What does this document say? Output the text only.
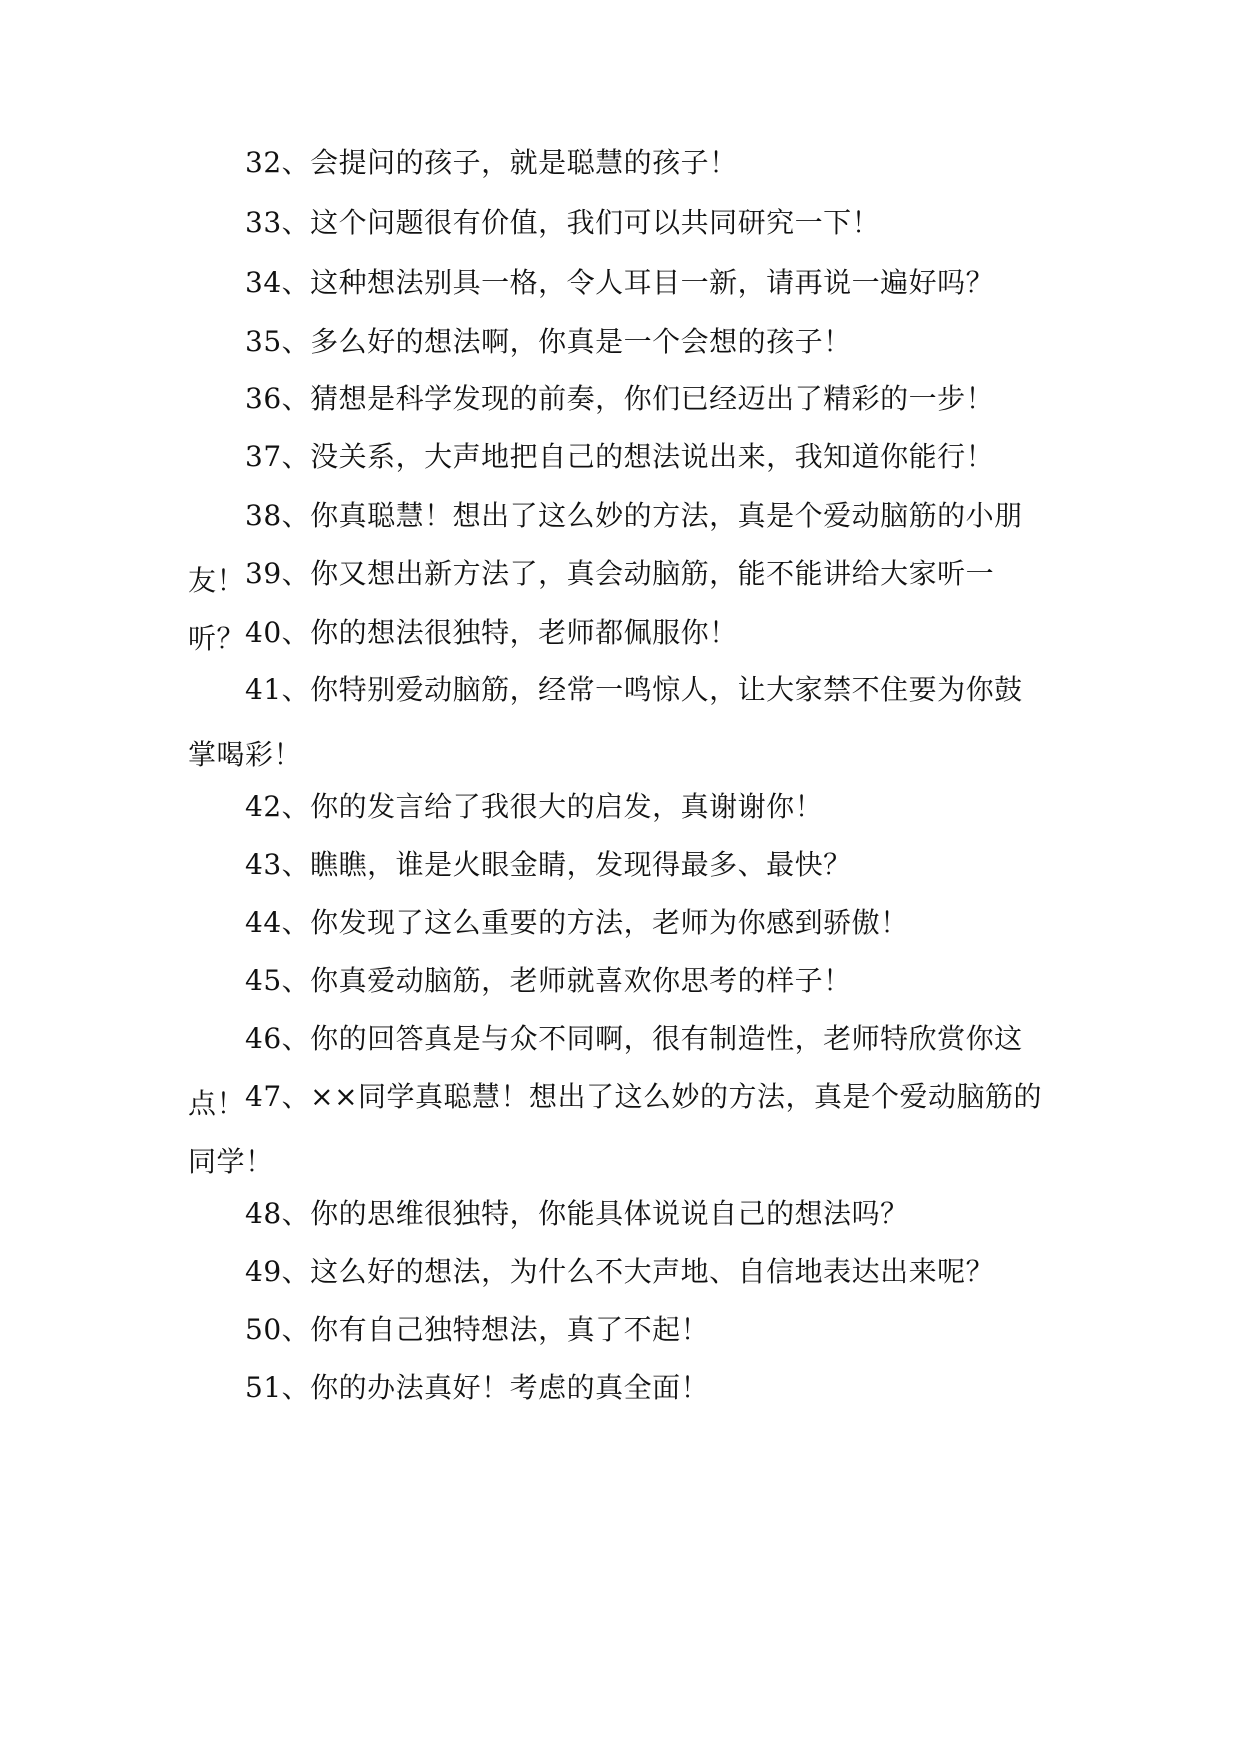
32、会提问的孩子，就是聪慧的孩子！

33、这个问题很有价值，我们可以共同研究一下！

34、这种想法别具一格，令人耳目一新，请再说一遍好吗？

35、多么好的想法啊，你真是一个会想的孩子！

36、猜想是科学发现的前奏，你们已经迈出了精彩的一步！

37、没关系，大声地把自己的想法说出来，我知道你能行！

38、你真聪慧！想出了这么妙的方法，真是个爱动脑筋的小朋友！ 39、你又想出新方法了，真会动脑筋，能不能讲给大家听一听？ 40、你的想法很独特，老师都佩服你！

41、你特别爱动脑筋，经常一鸣惊人，让大家禁不住要为你鼓掌喝彩！

42、你的发言给了我很大的启发，真谢谢你！

43、瞧瞧，谁是火眼金睛，发现得最多、最快？

44、你发现了这么重要的方法，老师为你感到骄傲！

45、你真爱动脑筋，老师就喜欢你思考的样子！

46、你的回答真是与众不同啊，很有制造性，老师特欣赏你这点！ 47、××同学真聪慧！想出了这么妙的方法，真是个爱动脑筋的同学！

48、你的思维很独特，你能具体说说自己的想法吗？

49、这么好的想法，为什么不大声地、自信地表达出来呢？

50、你有自己独特想法，真了不起！

51、你的办法真好！考虑的真全面！
